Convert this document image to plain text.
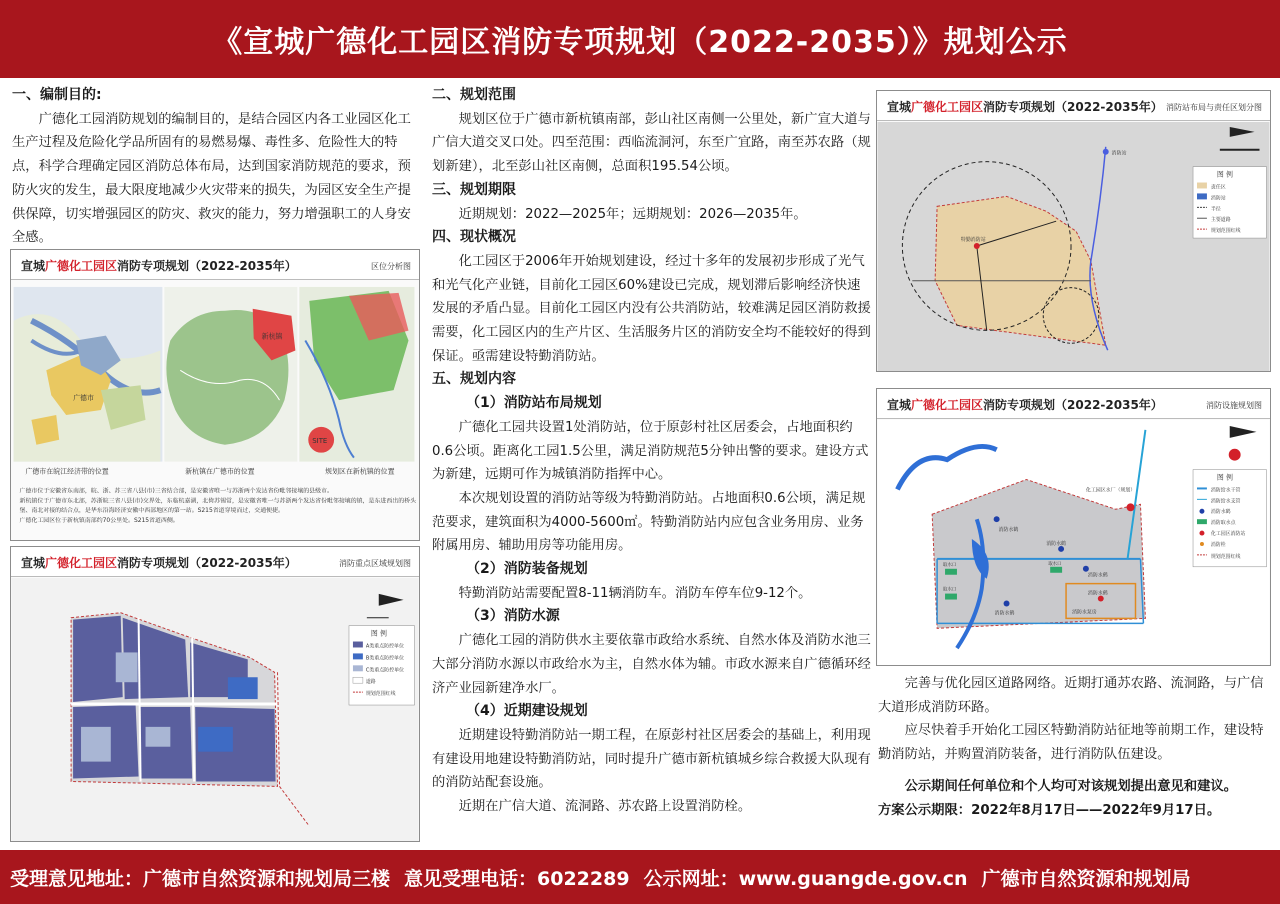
《宣城广德化工园区消防专项规划（2022-2035）》规划公示
一、编制目的:

广德化工园消防规划的编制目的，是结合园区内各工业园区化工生产过程及危险化学品所固有的易燃易爆、毒性多、危险性大的特点，科学合理确定园区消防总体布局，达到国家消防规范的要求，预防火灾的发生，最大限度地减少火灾带来的损失，为园区安全生产提供保障，切实增强园区的防灾、救灾的能力，努力增强职工的人身安全感。

宣城广德化工园区消防专项规划（2022-2035年）	区位分析图
广德市
广德市在皖江经济带的位置
新杭镇
新杭镇在广德市的位置
SITE
规划区在新杭镇的位置
广德市位于安徽省东南部，皖、浙、苏三省八县(市)三省结合部，是安徽省唯一与苏浙两个发达省份毗邻接壤的县级市。
新杭镇位于广德市东北部，苏浙皖三省八县(市)交界处，东临杭嘉湖，北倚苏锡常，是安徽省唯一与苏浙两个发达省份毗邻接壤的镇，是东进西出的桥头
堡、南北对接的结合点，是华东沿海经济安徽中西部地区的第一站。S215省道穿境而过，交通便捷。
广德化工园区位于新杭镇南部约70公里处。S215省道西侧。
宣城广德化工园区消防专项规划（2022-2035年）	消防重点区域规划图
图 例
A类重点防控单位
B类重点防控单位
C类重点防控单位
道路
规划范围红线
二、规划范围

规划区位于广德市新杭镇南部，彭山社区南侧一公里处，新广宣大道与广信大道交叉口处。四至范围：西临流洞河，东至广宜路，南至苏农路（规划新建），北至彭山社区南侧，总面积195.54公顷。

三、规划期限

近期规划：2022—2025年；远期规划：2026—2035年。

四、现状概况

化工园区于2006年开始规划建设，经过十多年的发展初步形成了光气和光气化产业链，目前化工园区60%建设已完成，规划滞后影响经济快速发展的矛盾凸显。目前化工园区内没有公共消防站，较难满足园区消防救援需要，化工园区内的生产片区、生活服务片区的消防安全均不能较好的得到保证。亟需建设特勤消防站。

五、规划内容
（1）消防站布局规划

广德化工园共设置1处消防站，位于原彭村社区居委会，占地面积约0.6公顷。距离化工园1.5公里，满足消防规范5分钟出警的要求。建设方式为新建，远期可作为城镇消防指挥中心。

本次规划设置的消防站等级为特勤消防站。占地面积0.6公顷，满足规范要求，建筑面积为4000-5600㎡。特勤消防站内应包含业务用房、业务附属用房、辅助用房等功能用房。

（2）消防装备规划

特勤消防站需要配置8-11辆消防车。消防车停车位9-12个。

（3）消防水源

广德化工园的消防供水主要依靠市政给水系统、自然水体及消防水池三大部分消防水源以市政给水为主，自然水体为辅。市政水源来自广德循环经济产业园新建净水厂。

（4）近期建设规划

近期建设特勤消防站一期工程，在原彭村社区居委会的基础上，利用现有建设用地建设特勤消防站，同时提升广德市新杭镇城乡综合救援大队现有的消防站配套设施。

近期在广信大道、流洞路、苏农路上设置消防栓。

宣城广德化工园区消防专项规划（2022-2035年） 消防站布局与责任区划分图
消防站
特勤消防站
图 例
责任区
消防站
半径
主要道路
规划范围红线
宣城广德化工园区消防专项规划（2022-2035年）	消防设施规划图
化工园区水厂（规划）
消防水鹤
消防水鹤
消防水鹤
消防水鹤
取水口
取水口
取水口
消防水鹤
消防水泵房
图 例
消防给水干管
消防给水支管
消防水鹤
消防取水点
化工园区消防站
消防栓
规划范围红线

完善与优化园区道路网络。近期打通苏农路、流洞路，与广信大道形成消防环路。

应尽快着手开始化工园区特勤消防站征地等前期工作，建设特勤消防站，并购置消防装备，进行消防队伍建设。

公示期间任何单位和个人均可对该规划提出意见和建议。

方案公示期限：2022年8月17日——2022年9月17日。

受理意见地址：广德市自然资源和规划局三楼 意见受理电话：6022289 公示网址：www.guangde.gov.cn 广德市自然资源和规划局
